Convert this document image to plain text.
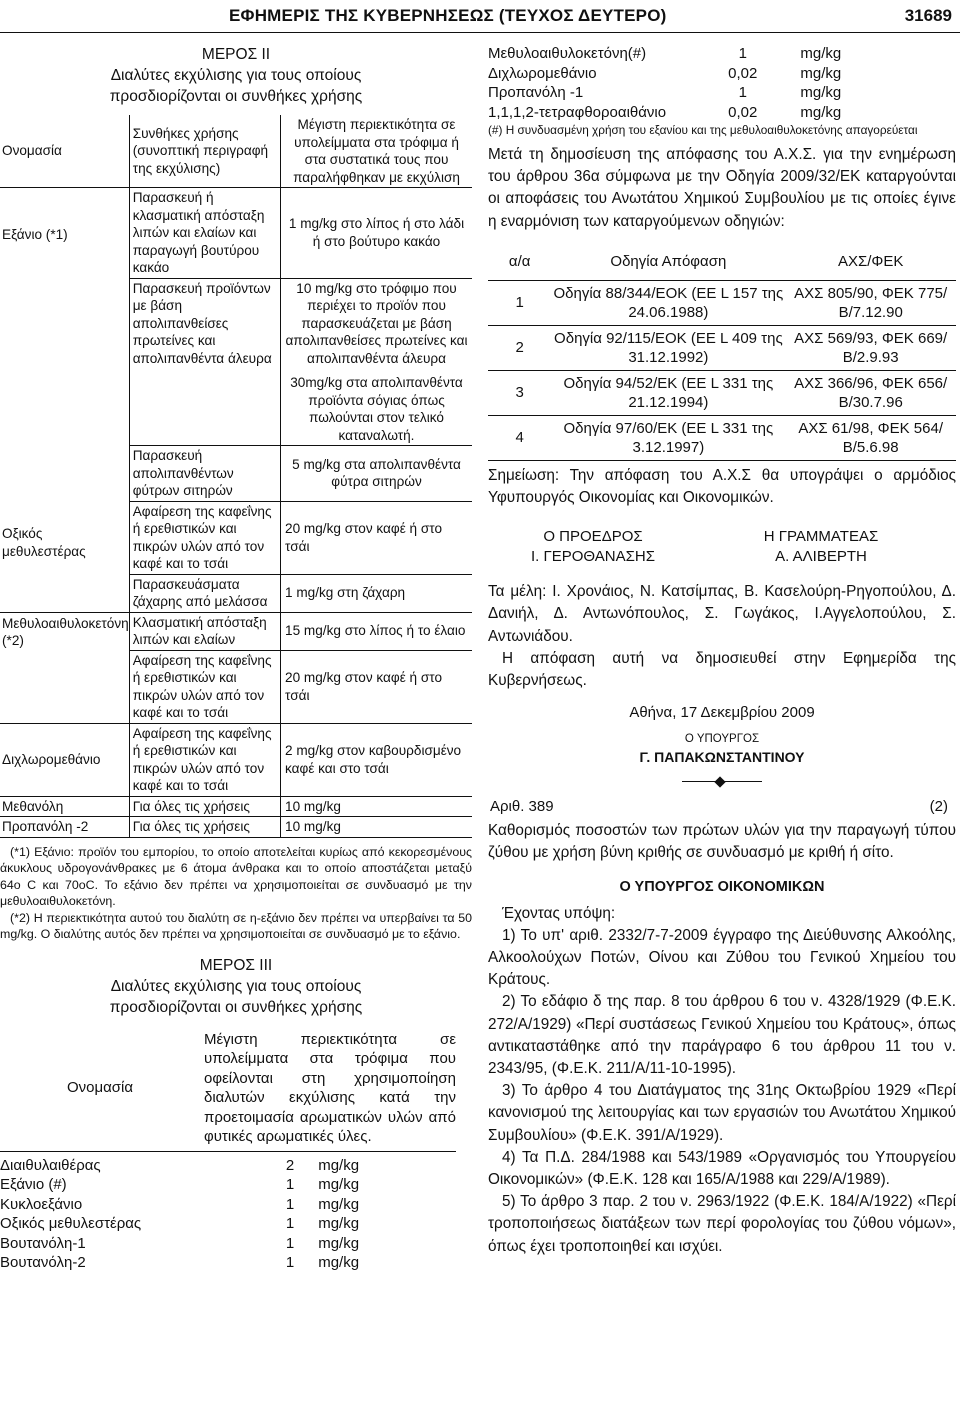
ΕΦΗΜΕΡΙΣ ΤΗΣ ΚΥΒΕΡΝΗΣΕΩΣ (ΤΕΥΧΟΣ ΔΕΥΤΕΡΟ)	31689
ΜΕΡΟΣ ΙΙ
Διαλύτες εκχύλισης για τους οποίους
προσδιορίζονται οι συνθήκες χρήσης
Ονομασία	Συνθήκες χρήσης (συνοπτική περιγραφή της εκχύλισης)	Μέγιστη περιεκτικότητα σε υπολείμματα στα τρόφιμα ή στα συστατικά τους που παραλήφθηκαν με εκχύλιση
Εξάνιο (*1)	Παρασκευή ή κλασματική απόσταξη λιπών και ελαίων και παραγωγή βουτύρου κακάο	1 mg/kg στο λίπος ή στο λάδι ή στο βούτυρο κακάο
	Παρασκευή προϊόντων με βάση απολιπανθείσες πρωτείνες και απολιπανθέντα άλευρα	10 mg/kg στο τρόφιμο που περιέχει το προϊόν που παρασκευάζεται με βάση απολιπανθείσες πρωτείνες και απολιπανθέντα άλευρα
		30mg/kg στα απολιπανθέντα προϊόντα σόγιας όπως πωλούνται στον τελικό καταναλωτή.
	Παρασκευή απολιπανθέντων φύτρων σιτηρών	5 mg/kg στα απολιπανθέντα φύτρα σιτηρών
Οξικός μεθυλεστέρας	Αφαίρεση της καφεΐνης ή ερεθιστικών και πικρών υλών από τον καφέ και το τσάι	20 mg/kg στον καφέ ή στο τσάι
	Παρασκευάσματα ζάχαρης από μελάσσα	1 mg/kg στη ζάχαρη
Μεθυλοαιθυλοκετόνη (*2)	Κλασματική απόσταξη λιπών και ελαίων	15 mg/kg στο λίπος ή το έλαιο
	Αφαίρεση της καφεΐνης ή ερεθιστικών και πικρών υλών από τον καφέ και το τσάι	20 mg/kg στον καφέ ή στο τσάι
Διχλωρομεθάνιο	Αφαίρεση της καφεΐνης ή ερεθιστικών και πικρών υλών από τον καφέ και το τσάι	2 mg/kg στον καβουρδισμένο καφέ και στο τσάι
Μεθανόλη	Για όλες τις χρήσεις	10 mg/kg
Προπανόλη -2	Για όλες τις χρήσεις	10 mg/kg

(*1) Εξάνιο: προϊόν του εμπορίου, το οποίο αποτελείται κυρίως από κεκορεσμένους άκυκλους υδρογονάνθρακες με 6 άτομα άνθρακα και το οποίο αποστάζεται μεταξύ 64ο C και 70οC. Το εξάνιο δεν πρέπει να χρησιμοποιείται σε συνδυασμό με την μεθυλοαιθυλοκετόνη.

(*2) Η περιεκτικότητα αυτού του διαλύτη σε η-εξάνιο δεν πρέπει να υπερβαίνει τα 50 mg/kg. Ο διαλύτης αυτός δεν πρέπει να χρησιμοποιείται σε συνδυασμό με το εξάνιο.

ΜΕΡΟΣ ΙΙΙ
Διαλύτες εκχύλισης για τους οποίους
προσδιορίζονται οι συνθήκες χρήσης
Ονομασία	Μέγιστη περιεκτικότητα σε υπολείμματα στα τρόφιμα που οφείλονται στη χρησιμοποίηση διαλυτών εκχύλισης κατά την προετοιμασία αρωματικών υλών από φυτικές αρωματικές ύλες.
Διαιθυλαιθέρας	2	mg/kg
Εξάνιο (#)	1	mg/kg
Κυκλοεξάνιο	1	mg/kg
Οξικός μεθυλεστέρας	1	mg/kg
Βουτανόλη-1	1	mg/kg
Βουτανόλη-2	1	mg/kg
Μεθυλοαιθυλοκετόνη(#)	1	mg/kg
Διχλωρομεθάνιο	0,02	mg/kg
Προπανόλη -1	1	mg/kg
1,1,1,2-τετραφθοροαιθάνιο	0,02	mg/kg
(#) Η συνδυασμένη χρήση του εξανίου και της μεθυλοαιθυλοκετόνης απαγορεύεται
Μετά τη δημοσίευση της απόφασης του Α.Χ.Σ. για την ενημέρωση του άρθρου 36α σύμφωνα με την Οδηγία 2009/32/ΕΚ καταργούνται οι αποφάσεις του Ανωτάτου Χημικού Συμβουλίου με τις οποίες έγινε η εναρμόνιση των καταργούμενων οδηγιών:
α/α	Οδηγία Απόφαση	ΑΧΣ/ΦΕΚ
1	Οδηγία 88/344/ΕΟΚ (ΕΕ L 157 της 24.06.1988)	ΑΧΣ 805/90, ΦΕΚ 775/Β/7.12.90
2	Οδηγία 92/115/ΕΟΚ (ΕΕ L 409 της 31.12.1992)	ΑΧΣ 569/93, ΦΕΚ 669/Β/2.9.93
3	Οδηγία 94/52/ΕΚ (ΕΕ L 331 της 21.12.1994)	ΑΧΣ 366/96, ΦΕΚ 656/Β/30.7.96
4	Οδηγία 97/60/ΕΚ (ΕΕ L 331 της 3.12.1997)	ΑΧΣ 61/98, ΦΕΚ 564/Β/5.6.98
Σημείωση: Την απόφαση του Α.Χ.Σ θα υπογράψει ο αρμόδιος Υφυπουργός Οικονομίας και Οικονομικών.
Ο ΠΡΟΕΔΡΟΣ
Ι. ΓΕΡΟΘΑΝΑΣΗΣ
Η ΓΡΑΜΜΑΤΕΑΣ
Α. ΑΛΙΒΕΡΤΗ
Τα μέλη: Ι. Χρονάιος, Ν. Κατσίμπας, Β. Κασελούρη-Ρηγοπούλου, Δ. Δανιήλ, Δ. Αντωνόπουλος, Σ. Γωγάκος, Ι.Αγγελοπούλου, Σ. Αντωνιάδου.
Η απόφαση αυτή να δημοσιευθεί στην Εφημερίδα της Κυβερνήσεως.
Αθήνα, 17 Δεκεμβρίου 2009
Ο ΥΠΟΥΡΓΟΣ
Γ. ΠΑΠΑΚΩΝΣΤΑΝΤΙΝΟΥ
Αριθ. 389	(2)
Καθορισμός ποσοστών των πρώτων υλών για την παραγωγή τύπου ζύθου με χρήση βύνη κριθής σε συνδυασμό με κριθή ή σίτο.
Ο ΥΠΟΥΡΓΟΣ ΟΙΚΟΝΟΜΙΚΩΝ
Έχοντας υπόψη:

1) Το υπ' αριθ. 2332/7-7-2009 έγγραφο της Διεύθυνσης Αλκοόλης, Αλκοολούχων Ποτών, Οίνου και Ζύθου του Γενικού Χημείου του Κράτους.

2) Το εδάφιο δ της παρ. 8 του άρθρου 6 του ν. 4328/1929 (Φ.Ε.Κ. 272/Α/1929) «Περί συστάσεως Γενικού Χημείου του Κράτους», όπως αντικαταστάθηκε από την παράγραφο 6 του άρθρου 11 του ν. 2343/95, (Φ.Ε.Κ. 211/Α/11-10-1995).

3) Το άρθρο 4 του Διατάγματος της 31ης Οκτωβρίου 1929 «Περί κανονισμού της λειτουργίας και των εργασιών του Ανωτάτου Χημικού Συμβουλίου» (Φ.Ε.Κ. 391/Α/1929).

4) Τα Π.Δ. 284/1988 και 543/1989 «Οργανισμός του Υπουργείου Οικονομικών» (Φ.Ε.Κ. 128 και 165/Α/1988 και 229/Α/1989).

5) Το άρθρο 3 παρ. 2 του ν. 2963/1922 (Φ.Ε.Κ. 184/Α/1922) «Περί τροποποιήσεως διατάξεων των περί φορολογίας του ζύθου νόμων», όπως έχει τροποποιηθεί και ισχύει.
